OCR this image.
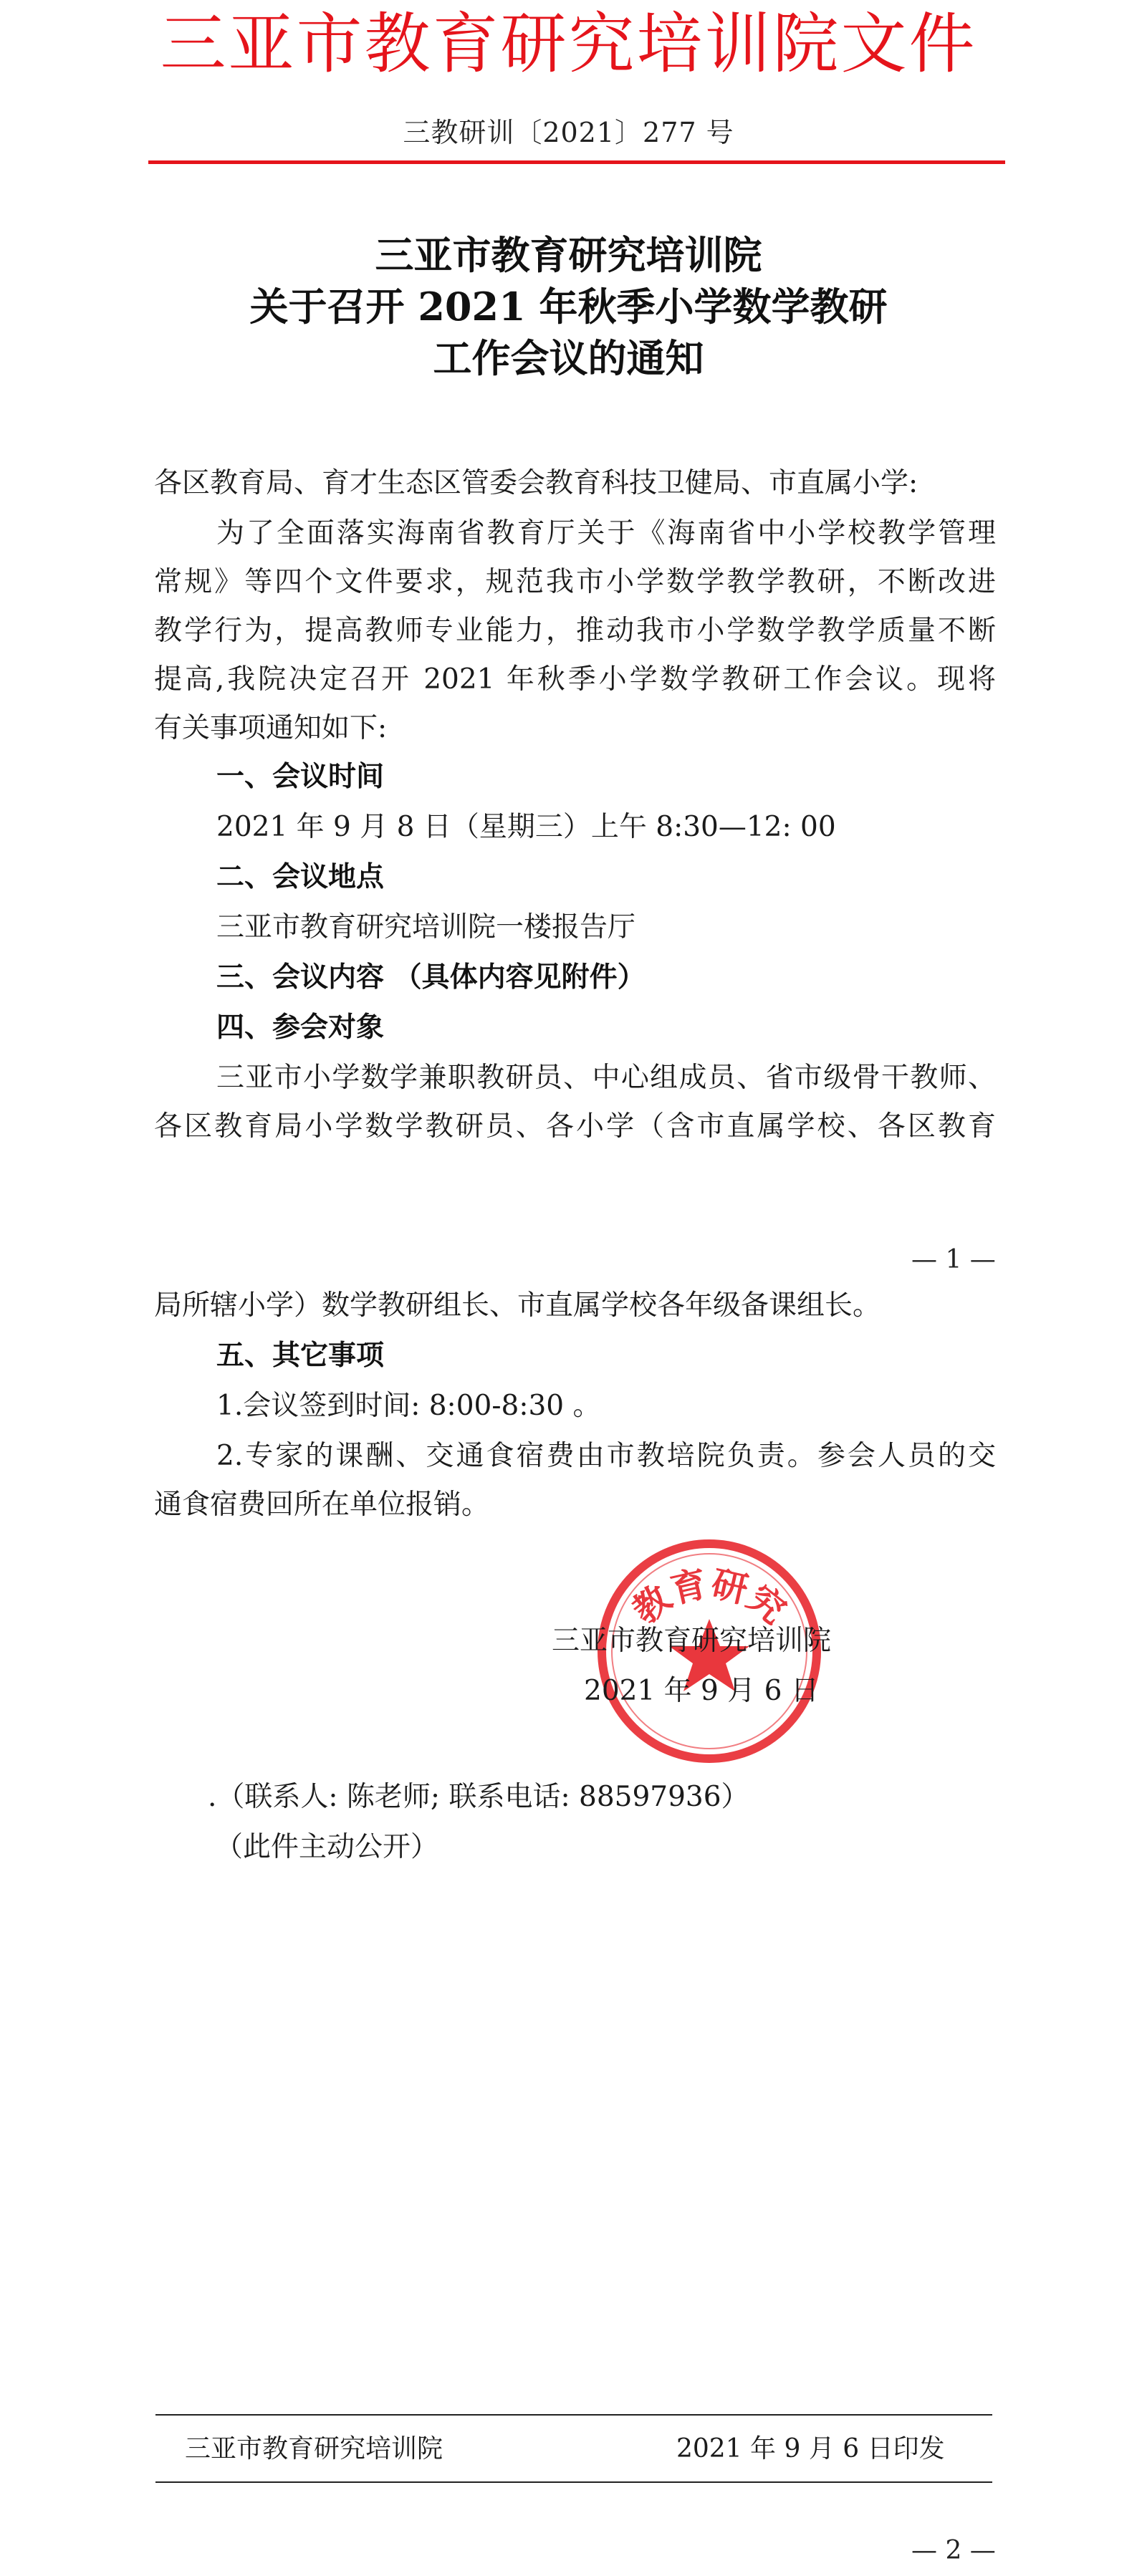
三亚市教育研究培训院文件
三教研训〔2021〕277 号
三亚市教育研究培训院
关于召开 2021 年秋季小学数学教研
工作会议的通知
各区教育局、育才生态区管委会教育科技卫健局、市直属小学:
为了全面落实海南省教育厅关于《海南省中小学校教学管理
常规》等四个文件要求，规范我市小学数学教学教研，不断改进
教学行为，提高教师专业能力，推动我市小学数学教学质量不断
提高,我院决定召开 2021 年秋季小学数学教研工作会议。现将
有关事项通知如下:
一、会议时间
2021 年 9 月 8 日（星期三）上午 8:30—12: 00
二、会议地点
三亚市教育研究培训院一楼报告厅
三、会议内容 （具体内容见附件）
四、参会对象
三亚市小学数学兼职教研员、中心组成员、省市级骨干教师、
各区教育局小学数学教研员、各小学（含市直属学校、各区教育
— 1 —
局所辖小学）数学教研组长、市直属学校各年级备课组长。
五、其它事项
1.会议签到时间: 8:00-8:30 。
2.专家的课酬、交通食宿费由市教培院负责。参会人员的交
通食宿费回所在单位报销。
教育研究
三亚市教育研究培训院
2021 年 9 月 6 日
.（联系人: 陈老师; 联系电话: 88597936）
（此件主动公开）
三亚市教育研究培训院	2021 年 9 月 6 日印发
— 2 —
